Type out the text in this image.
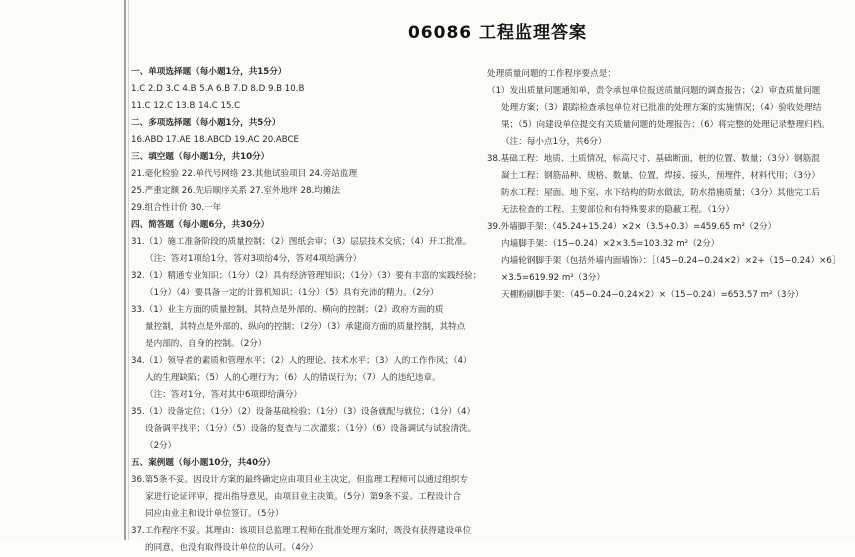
06086 工程监理答案
一、单项选择题（每小题1分，共15分）
1.C 2.D 3.C 4.B 5.A 6.B 7.D 8.D 9.B 10.B
11.C 12.C 13.B 14.C 15.C
二、多项选择题（每小题1分，共5分）
16.ABD 17.AE 18.ABCD 19.AC 20.ABCE
三、填空题（每小题1分，共10分）
21.毫化检验 22.单代号网络 23.其他试验项目 24.旁站监理
25.严重定额 26.先后顺序关系 27.室外地坪 28.均摊法
29.组合性计价 30.一年
四、简答题（每小题6分，共30分）
31.（1）施工准备阶段的质量控制；（2）图纸会审；（3）层层技术交底；（4）开工批准。
（注：答对1项给1分，答对3项给4分，答对4项给满分）
32.（1）精通专业知识；（1分）（2）具有经济管理知识；（1分）（3）要有丰富的实践经验；
（1分）（4）要具备一定的计算机知识；（1分）（5）具有充沛的精力。（2分）
33.（1）业主方面的质量控制，其特点是外部的、横向的控制；（2）政府方面的质
量控制，其特点是外部的、纵向的控制；（2分）（3）承建商方面的质量控制，其特点
是内部的、自身的控制。（2分）
34.（1）领导者的素质和管理水平；（2）人的理论、技术水平；（3）人的工作作风；（4）
人的生理缺陷；（5）人的心理行为；（6）人的错误行为；（7）人的违纪违章。
（注：答对1分，答对其中6项即给满分）
35.（1）设备定位；（1分）（2）设备基础检验；（1分）（3）设备就配与就位；（1分）（4）
设备调平找平；（1分）（5）设备的复查与二次灌浆；（1分）（6）设备调试与试验清洗。
（2分）
五、案例题（每小题10分，共40分）
36.第5条不妥。因设计方案的最终确定应由项目业主决定，但监理工程师可以通过组织专
家进行论证评审，提出指导意见，由项目业主决策。（5分）第9条不妥。工程设计合
同应由业主和设计单位签订。（5分）
37.工作程序不妥。其理由：该项目总监理工程师在批准处理方案时，既没有获得建设单位
的同意，也没有取得设计单位的认可。（4分）
处理质量问题的工作程序要点是：
（1）发出质量问题通知单，责令承包单位报送质量问题的调查报告；（2）审查质量问题
处理方案；（3）跟踪检查承包单位对已批准的处理方案的实施情况；（4）验收处理结
果；（5）向建设单位提交有关质量问题的处理报告；（6）将完整的处理记录整理归档。
（注：每小点1分，共6分）
38.基础工程：地质、土质情况，标高尺寸、基础断面，桩的位置、数量；（3分）钢筋混
凝土工程：钢筋品种、规格、数量、位置，焊接、接头，预埋件，材料代用；（3分）
防水工程：屋面、地下室、水下结构的防水做法，防水措施质量；（3分）其他完工后
无法检查的工程、主要部位和有特殊要求的隐蔽工程。（1分）
39.外墙脚手架：（45.24+15.24）×2×（3.5+0.3）=459.65 m²（2分）
内墙脚手架：（15−0.24）×2×3.5=103.32 m²（2分）
内墙轮钢脚手架（包括外墙内面墙饰）：［（45−0.24−0.24×2）×2+（15−0.24）×6］
×3.5=619.92 m²（3分）
天棚粉刷脚手架：（45−0.24−0.24×2）×（15−0.24）=653.57 m²（3分）
